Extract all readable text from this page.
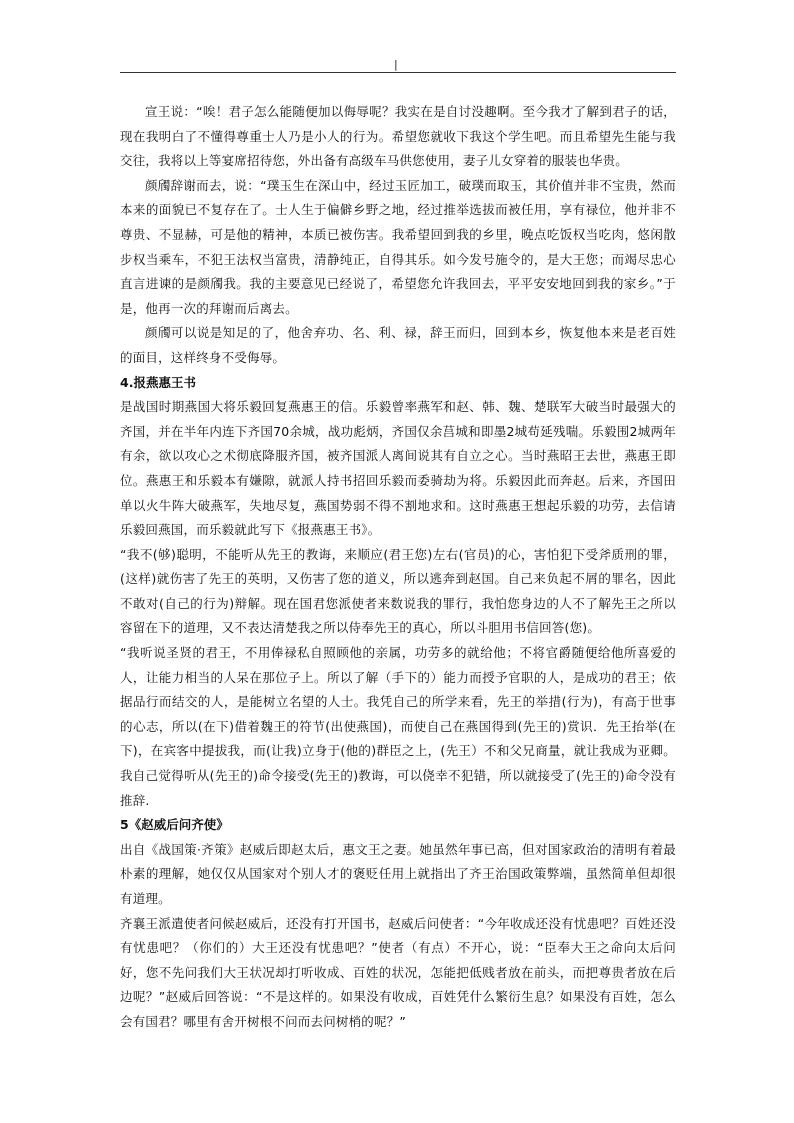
|

宣王说：“唉！君子怎么能随便加以侮辱呢？我实在是自讨没趣啊。至今我才了解到君子的话，现在我明白了不懂得尊重士人乃是小人的行为。希望您就收下我这个学生吧。而且希望先生能与我交往，我将以上等宴席招待您，外出备有高级车马供您使用，妻子儿女穿着的服装也华贵。

颜斶辞谢而去，说：“璞玉生在深山中，经过玉匠加工，破璞而取玉，其价值并非不宝贵，然而本来的面貌已不复存在了。士人生于偏僻乡野之地，经过推举选拔而被任用，享有禄位，他并非不尊贵、不显赫，可是他的精神，本质已被伤害。我希望回到我的乡里，晚点吃饭权当吃肉，悠闲散步权当乘车，不犯王法权当富贵，清静纯正，自得其乐。如今发号施令的，是大王您；而竭尽忠心直言进谏的是颜斶我。我的主要意见已经说了，希望您允许我回去，平平安安地回到我的家乡。”于是，他再一次的拜谢而后离去。

颜斶可以说是知足的了，他舍弃功、名、利、禄，辞王而归，回到本乡，恢复他本来是老百姓的面目，这样终身不受侮辱。

4.报燕惠王书

是战国时期燕国大将乐毅回复燕惠王的信。乐毅曾率燕军和赵、韩、魏、楚联军大破当时最强大的齐国，并在半年内连下齐国70余城，战功彪炳，齐国仅余莒城和即墨2城苟延残喘。乐毅围2城两年有余，欲以攻心之术彻底降服齐国，被齐国派人离间说其有自立之心。当时燕昭王去世，燕惠王即位。燕惠王和乐毅本有嫌隙，就派人持书招回乐毅而委骑劫为将。乐毅因此而奔赵。后来，齐国田单以火牛阵大破燕军，失地尽复，燕国势弱不得不割地求和。这时燕惠王想起乐毅的功劳，去信请乐毅回燕国，而乐毅就此写下《报燕惠王书》。

“我不(够)聪明，不能听从先王的教诲，来顺应(君王您)左右(官员)的心，害怕犯下受斧质刑的罪，(这样)就伤害了先王的英明，又伤害了您的道义，所以逃奔到赵国。自己来负起不屑的罪名，因此不敢对(自己的行为)辩解。现在国君您派使者来数说我的罪行，我怕您身边的人不了解先王之所以容留在下的道理，又不表达清楚我之所以侍奉先王的真心，所以斗胆用书信回答(您)。

“我听说圣贤的君王，不用俸禄私自照顾他的亲属，功劳多的就给他；不将官爵随便给他所喜爱的人，让能力相当的人呆在那位子上。所以了解（手下的）能力而授予官职的人，是成功的君王；依据品行而结交的人，是能树立名望的人士。我凭自己的所学来看，先王的举措(行为)，有高于世事的心志，所以(在下)借着魏王的符节(出使燕国)，而使自己在燕国得到(先王的)赏识．先王抬举(在下)，在宾客中提拔我，而(让我)立身于(他的)群臣之上，(先王）不和父兄商量，就让我成为亚卿。我自己觉得听从(先王的)命令接受(先王的)教诲，可以侥幸不犯错，所以就接受了(先王的)命令没有推辞.

5《赵威后问齐使》

出自《战国策·齐策》赵威后即赵太后，惠文王之妻。她虽然年事已高，但对国家政治的清明有着最朴素的理解，她仅仅从国家对个别人才的褒贬任用上就指出了齐王治国政策弊端，虽然简单但却很有道理。

齐襄王派遣使者问候赵威后，还没有打开国书，赵威后问使者：“今年收成还没有忧患吧？百姓还没有忧患吧？（你们的）大王还没有忧患吧？”使者（有点）不开心，说：“臣奉大王之命向太后问好，您不先问我们大王状况却打听收成、百姓的状况，怎能把低贱者放在前头，而把尊贵者放在后边呢？”赵威后回答说：“不是这样的。如果没有收成，百姓凭什么繁衍生息？如果没有百姓，怎么会有国君？哪里有舍开树根不问而去问树梢的呢？”
